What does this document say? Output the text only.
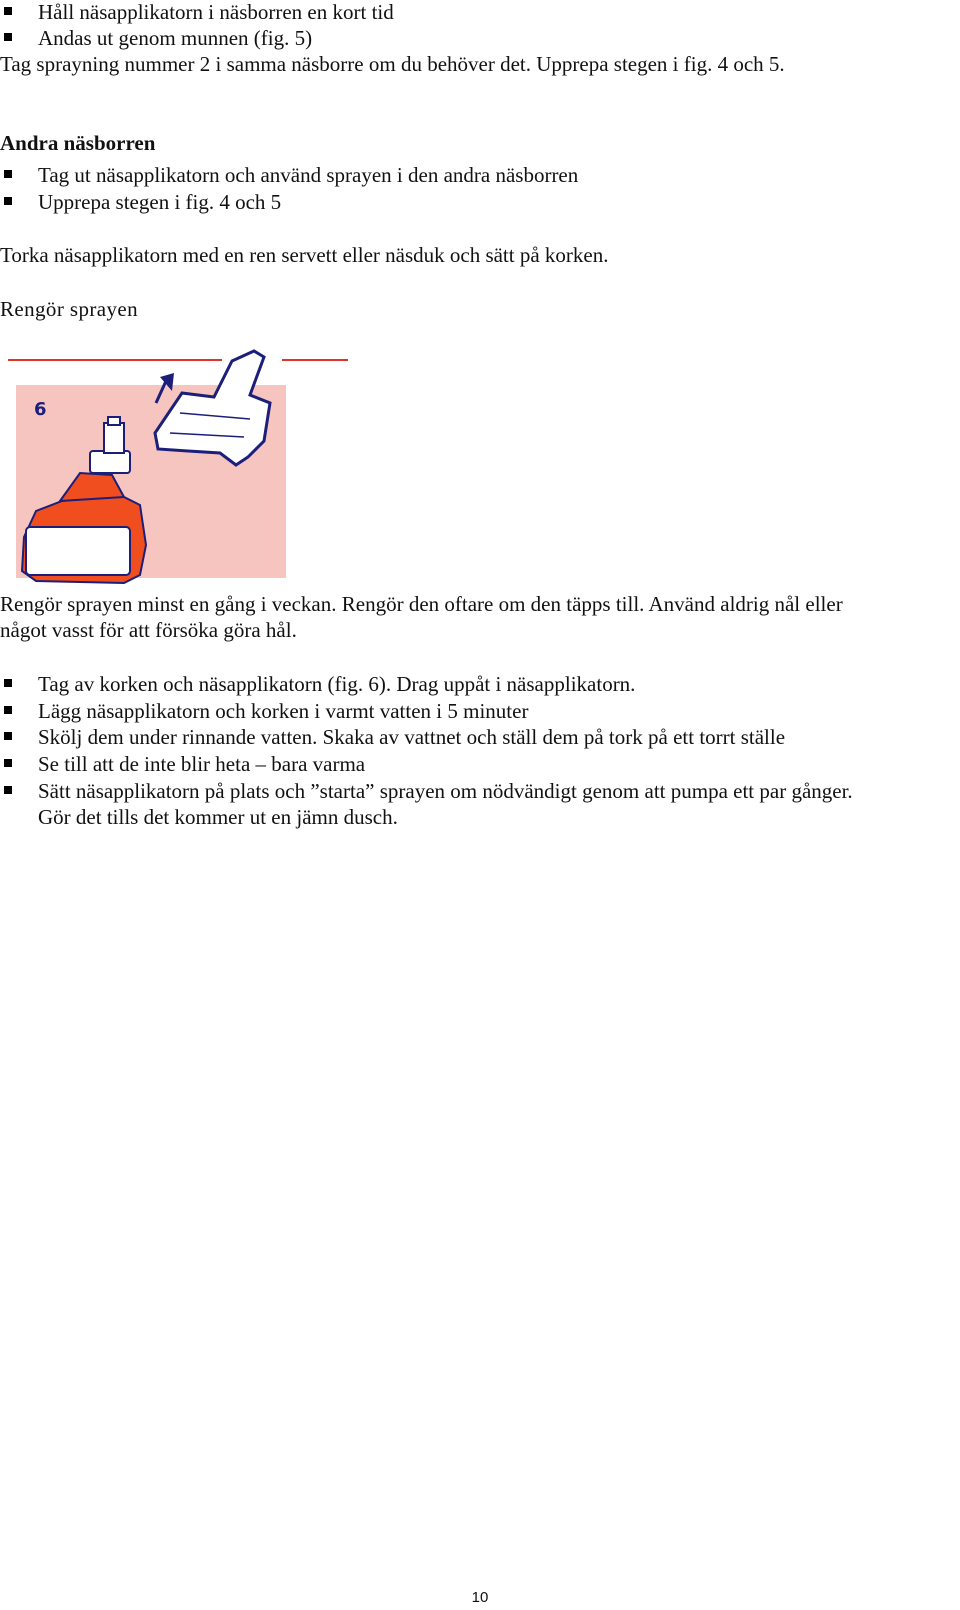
Håll näsapplikatorn i näsborren en kort tid
Andas ut genom munnen (fig. 5)
Tag sprayning nummer 2 i samma näsborre om du behöver det. Upprepa stegen i fig. 4 och 5.
Andra näsborren
Tag ut näsapplikatorn och använd sprayen i den andra näsborren
Upprepa stegen i fig. 4 och 5
Torka näsapplikatorn med en ren servett eller näsduk och sätt på korken.
Rengör sprayen
6
Rengör sprayen minst en gång i veckan. Rengör den oftare om den täpps till. Använd aldrig nål eller
något vasst för att försöka göra hål.
Tag av korken och näsapplikatorn (fig. 6). Drag uppåt i näsapplikatorn.
Lägg näsapplikatorn och korken i varmt vatten i 5 minuter
Skölj dem under rinnande vatten. Skaka av vattnet och ställ dem på tork på ett torrt ställe
Se till att de inte blir heta – bara varma
Sätt näsapplikatorn på plats och ”starta” sprayen om nödvändigt genom att pumpa ett par gånger.
Gör det tills det kommer ut en jämn dusch.
10
